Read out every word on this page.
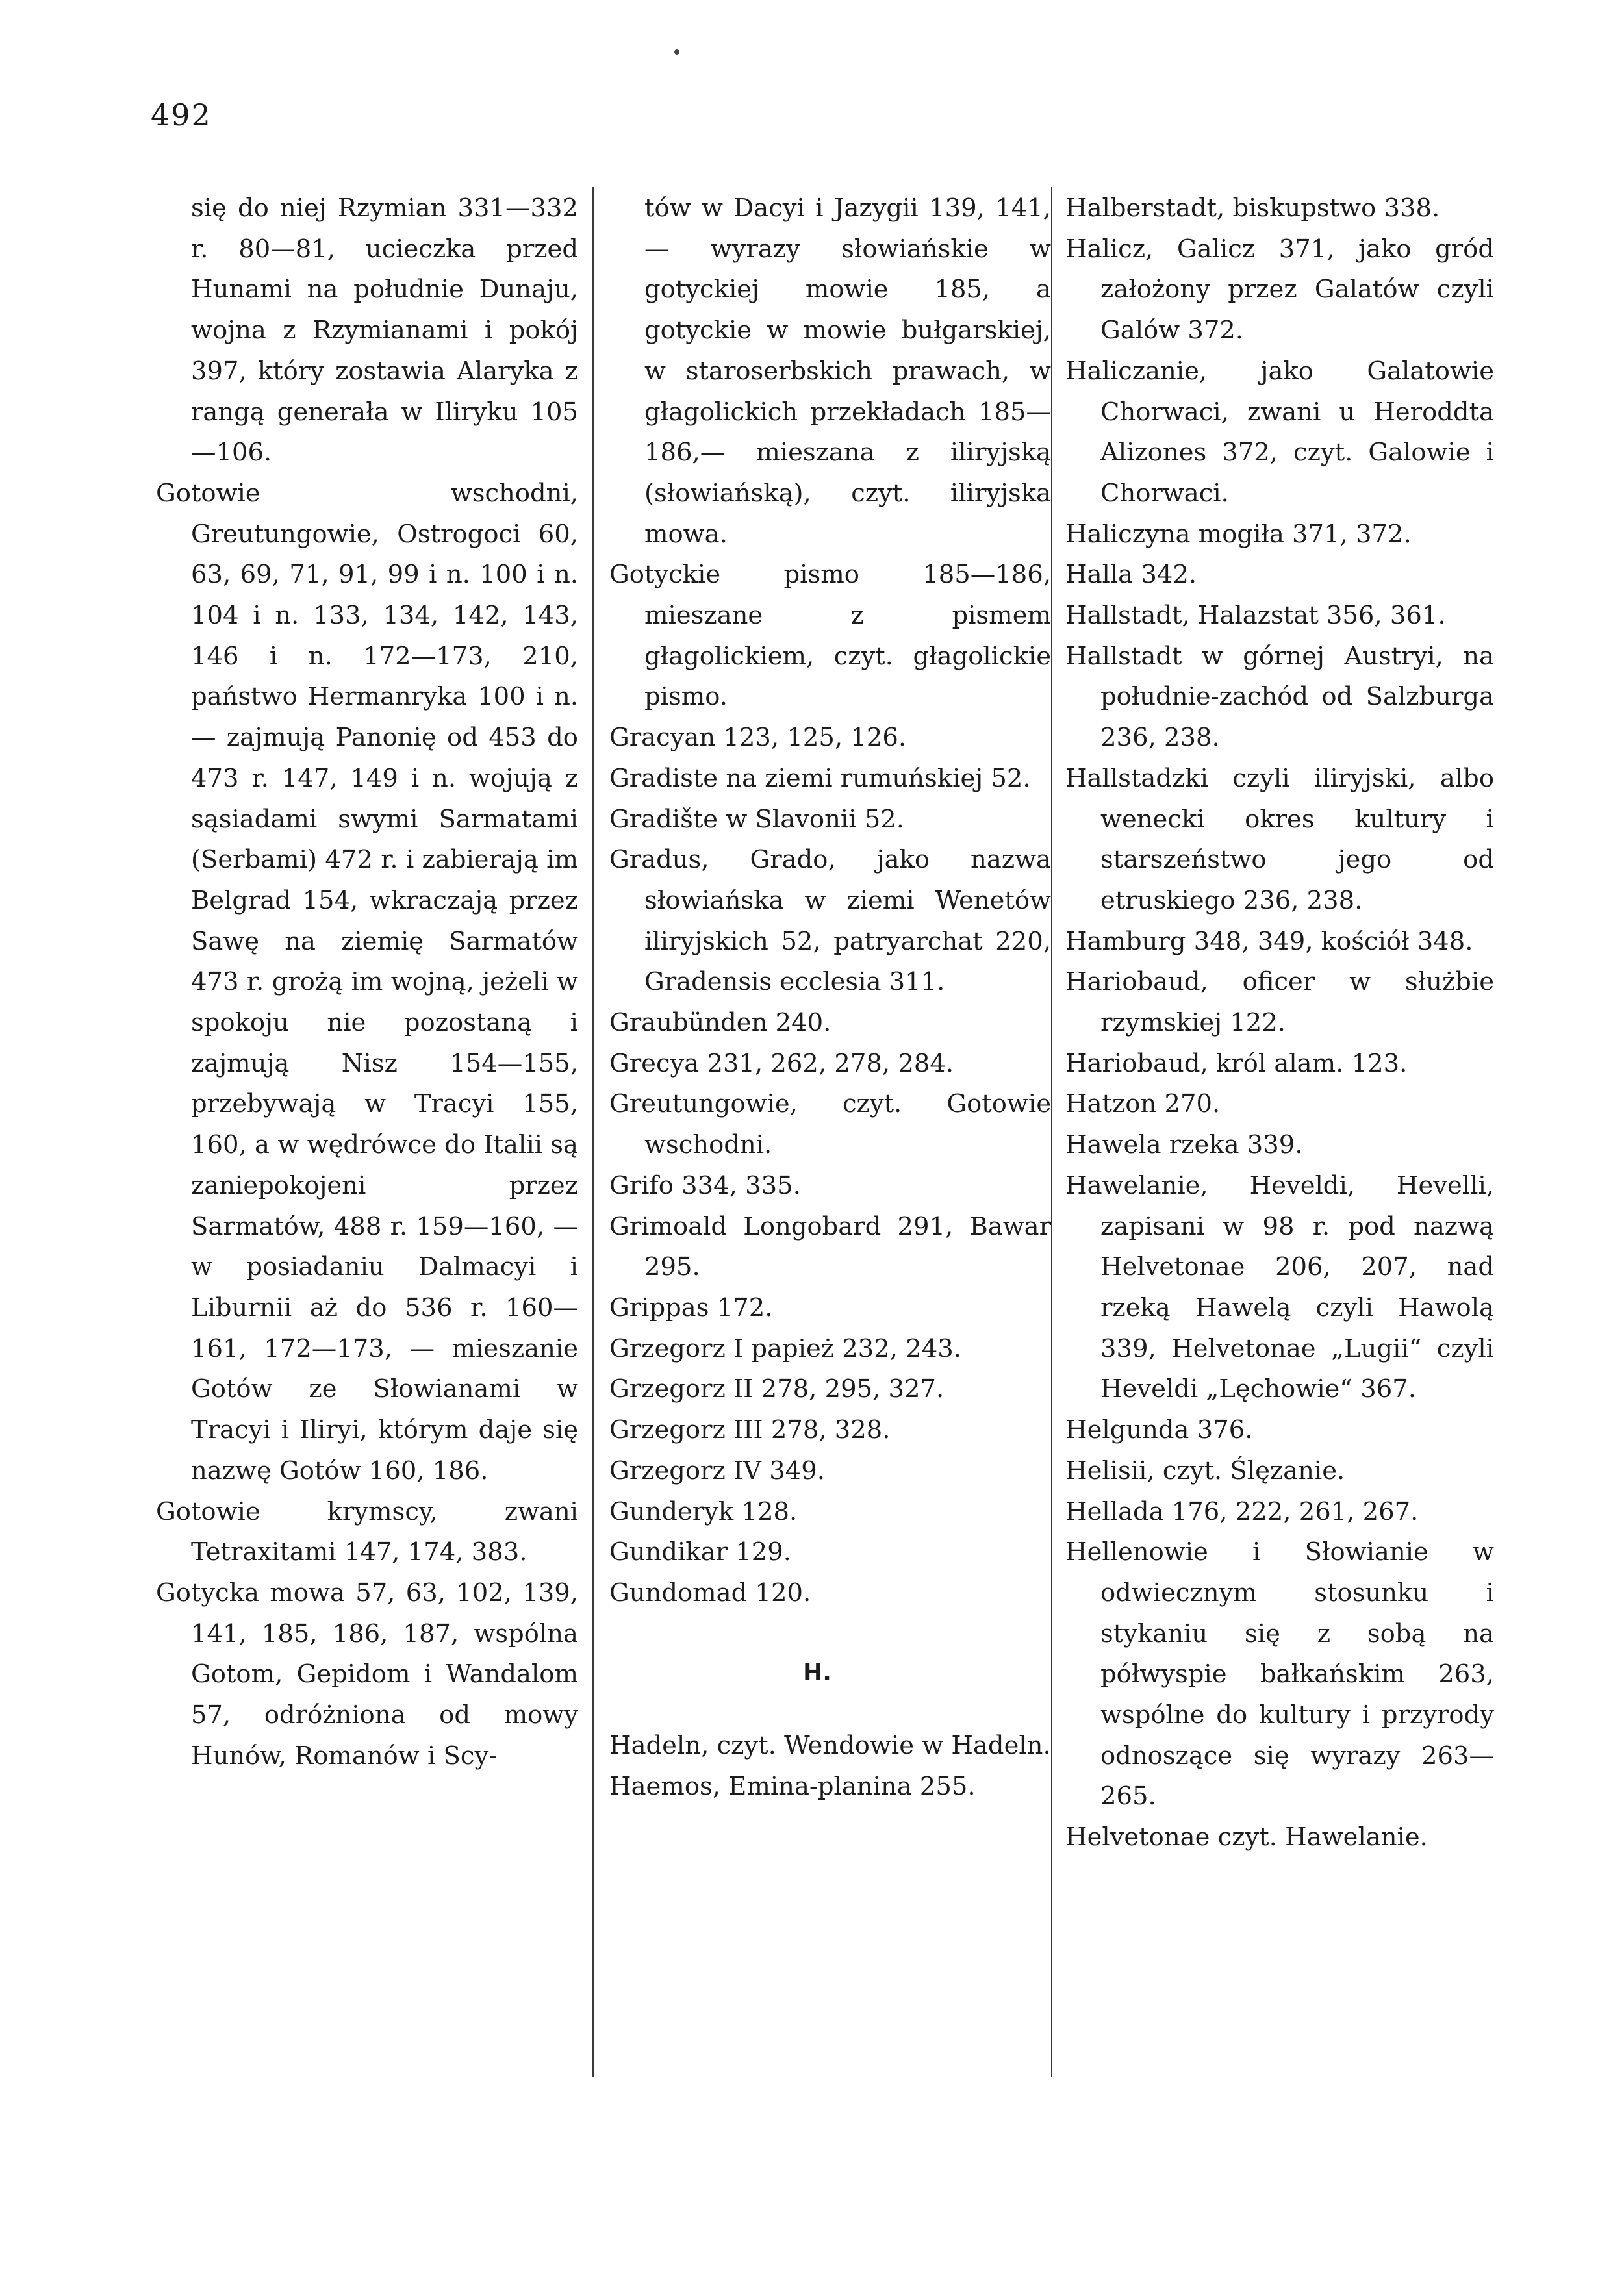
492

się do niej Rzymian 331—332 r. 80—81, ucieczka przed Hunami na południe Dunaju, wojna z Rzymianami i pokój 397, który zostawia Alaryka z rangą generała w Iliryku 105—106.

Gotowie wschodni, Greutungowie, Ostrogoci 60, 63, 69, 71, 91, 99 i n. 100 i n. 104 i n. 133, 134, 142, 143, 146 i n. 172—173, 210, państwo Hermanryka 100 i n. — zajmują Panonię od 453 do 473 r. 147, 149 i n. wojują z sąsiadami swymi Sarmatami (Serbami) 472 r. i zabierają im Belgrad 154, wkraczają przez Sawę na ziemię Sarmatów 473 r. grożą im wojną, jeżeli w spokoju nie pozostaną i zajmują Nisz 154—155, przebywają w Tracyi 155, 160, a w wędrówce do Italii są zaniepokojeni przez Sarmatów, 488 r. 159—160, — w posiadaniu Dalmacyi i Liburnii aż do 536 r. 160—161, 172—173, — mieszanie Gotów ze Słowianami w Tracyi i Iliryi, którym daje się nazwę Gotów 160, 186.

Gotowie krymscy, zwani Tetraxitami 147, 174, 383.

Gotycka mowa 57, 63, 102, 139, 141, 185, 186, 187, wspólna Gotom, Gepidom i Wandalom 57, odróżniona od mowy Hunów, Romanów i Scy-

tów w Dacyi i Jazygii 139, 141, — wyrazy słowiańskie w gotyckiej mowie 185, a gotyckie w mowie bułgarskiej, w staroserbskich prawach, w głagolickich przekładach 185—186,— mieszana z iliryjską (słowiańską), czyt. iliryjska mowa.

Gotyckie pismo 185—186, mieszane z pismem głagolickiem, czyt. głagolickie pismo.

Gracyan 123, 125, 126.

Gradiste na ziemi rumuńskiej 52.

Gradište w Slavonii 52.

Gradus, Grado, jako nazwa słowiańska w ziemi Wenetów iliryjskich 52, patryarchat 220, Gradensis ecclesia 311.

Graubünden 240.

Grecya 231, 262, 278, 284.

Greutungowie, czyt. Gotowie wschodni.

Grifo 334, 335.

Grimoald Longobard 291, Bawar 295.

Grippas 172.

Grzegorz I papież 232, 243.

Grzegorz II 278, 295, 327.

Grzegorz III 278, 328.

Grzegorz IV 349.

Gunderyk 128.

Gundikar 129.

Gundomad 120.

H.

Hadeln, czyt. Wendowie w Hadeln.

Haemos, Emina-planina 255.

Halberstadt, biskupstwo 338.

Halicz, Galicz 371, jako gród założony przez Galatów czyli Galów 372.

Haliczanie, jako Galatowie Chorwaci, zwani u Heroddta Alizones 372, czyt. Galowie i Chorwaci.

Haliczyna mogiła 371, 372.

Halla 342.

Hallstadt, Halazstat 356, 361.

Hallstadt w górnej Austryi, na południe-zachód od Salzburga 236, 238.

Hallstadzki czyli iliryjski, albo wenecki okres kultury i starszeństwo jego od etruskiego 236, 238.

Hamburg 348, 349, kościół 348.

Hariobaud, oficer w służbie rzymskiej 122.

Hariobaud, król alam. 123.

Hatzon 270.

Hawela rzeka 339.

Hawelanie, Heveldi, Hevelli, zapisani w 98 r. pod nazwą Helvetonae 206, 207, nad rzeką Hawelą czyli Hawolą 339, Helvetonae „Lugii“ czyli Heveldi „Lęchowie“ 367.

Helgunda 376.

Helisii, czyt. Ślęzanie.

Hellada 176, 222, 261, 267.

Hellenowie i Słowianie w odwiecznym stosunku i stykaniu się z sobą na półwyspie bałkańskim 263, wspólne do kultury i przyrody odnoszące się wyrazy 263—265.

Helvetonae czyt. Hawelanie.
